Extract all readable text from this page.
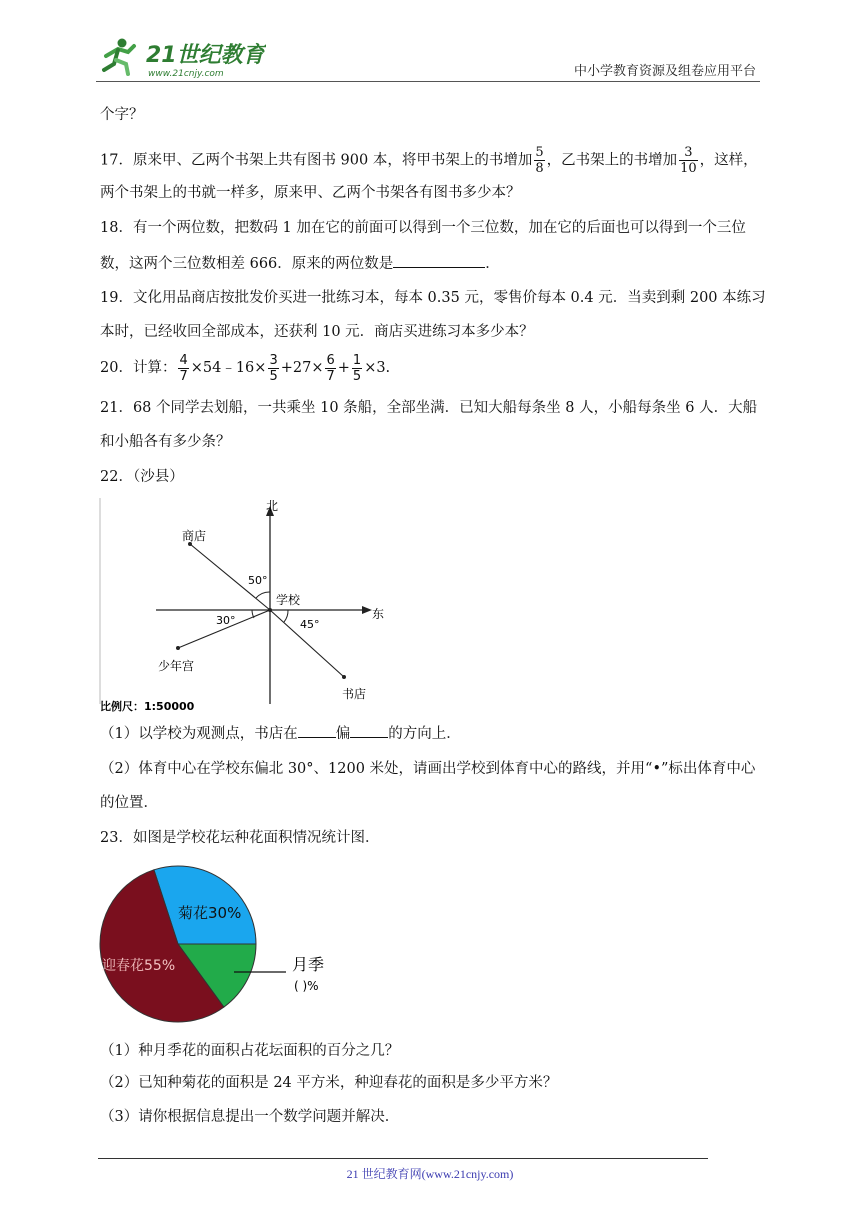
21世纪教育
www.21cnjy.com	中小学教育资源及组卷应用平台
个字？
17．原来甲、乙两个书架上共有图书 900 本，将甲书架上的书增加 $\frac{5}{8}$ ，乙书架上的书增加 $\frac{3}{10}$ ，这样，
两个书架上的书就一样多，原来甲、乙两个书架各有图书多少本？
18．有一个两位数，把数码 1 加在它的前面可以得到一个三位数，加在它的后面也可以得到一个三位
数，这两个三位数相差 666．原来的两位数是	．
19．文化用品商店按批发价买进一批练习本，每本 0.35 元，零售价每本 0.4 元．当卖到剩 200 本练习
本时，已经收回全部成本，还获利 10 元．商店买进练习本多少本？
20．计算： $\frac{4}{7}$ ×54﹣16× $\frac{3}{5} +27\times \frac{6}{7} + \frac{1}{5} \times 3$.
21．68 个同学去划船，一共乘坐 10 条船，全部坐满．已知大船每条坐 8 人，小船每条坐 6 人．大船
和小船各有多少条？
22．（沙县）
北
东
50°
30°	45°
学校
商店
少年宫
书店
比例尺：1:50000
（1）以学校为观测点，书店在	偏	的方向上．
（2）体育中心在学校东偏北 30°、1200 米处，请画出学校到体育中心的路线，并用“•”标出体育中心
的位置．
23．如图是学校花坛种花面积情况统计图．
菊花30%
迎春花55%	月季
( )%
（1）种月季花的面积占花坛面积的百分之几？
（2）已知种菊花的面积是 24 平方米，种迎春花的面积是多少平方米？
（3）请你根据信息提出一个数学问题并解决．
21 世纪教育网(www.21cnjy.com)
